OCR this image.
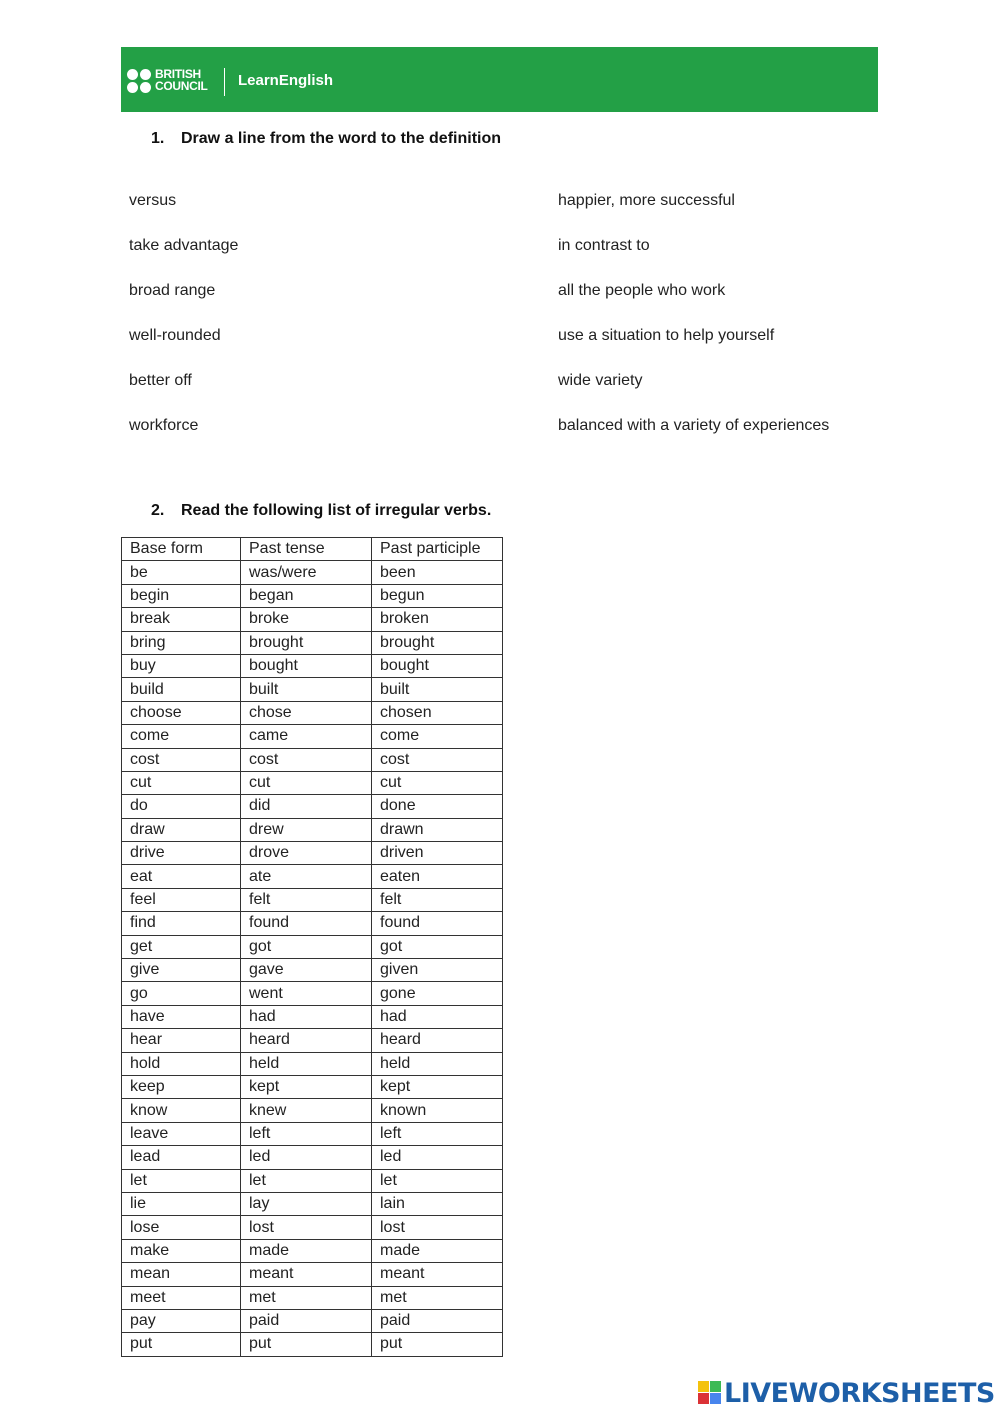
BRITISH
COUNCIL LearnEnglish
1. Draw a line from the word to the definition
versus
take advantage
broad range
well-rounded
better off
workforce
happier, more successful
in contrast to
all the people who work
use a situation to help yourself
wide variety
balanced with a variety of experiences
2. Read the following list of irregular verbs.
Base form	Past tense	Past participle
be	was/were	been
begin	began	begun
break	broke	broken
bring	brought	brought
buy	bought	bought
build	built	built
choose	chose	chosen
come	came	come
cost	cost	cost
cut	cut	cut
do	did	done
draw	drew	drawn
drive	drove	driven
eat	ate	eaten
feel	felt	felt
find	found	found
get	got	got
give	gave	given
go	went	gone
have	had	had
hear	heard	heard
hold	held	held
keep	kept	kept
know	knew	known
leave	left	left
lead	led	led
let	let	let
lie	lay	lain
lose	lost	lost
make	made	made
mean	meant	meant
meet	met	met
pay	paid	paid
put	put	put
LIVEWORKSHEETS
